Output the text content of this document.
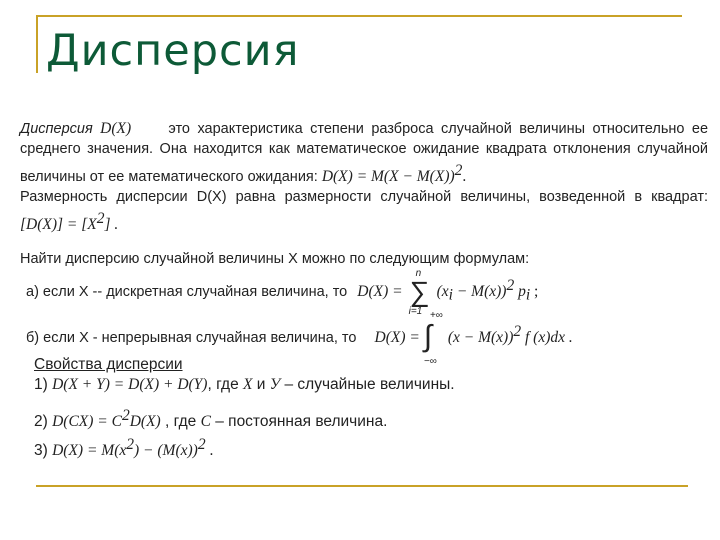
Дисперсия
Дисперсия D(X)	это характеристика степени разброса случайной величины относительно ее
среднего значения. Она находится как математическое ожидание квадрата отклонения случайной
величины от ее математического ожидания: $D(X) = M(X - M(X))^2$.
Размерность дисперсии D(X) равна размерности случайной величины, возведенной в квадрат:
$[D(X)] = [X^2]$ .
Найти дисперсию случайной величины Х можно по следующим формулам:
а) если Х -- дискретная случайная величина, то D(X) =
n
∑
i=1
$(x_i - M(x))^2$ $p_i$ ;
б) если Х - непрерывная случайная величина, то D(X) =
+∞
∫
−∞
$(x - M(x))^2$ f (x)dx .
Свойства дисперсии
1) D(X + Y) = D(X) + D(Y), где X и У – случайные величины.
2) $D(CX) = C^2D(X)$ , где С – постоянная величина.
3) $D(X) = M(x^2) - (M(x))^2$ .
